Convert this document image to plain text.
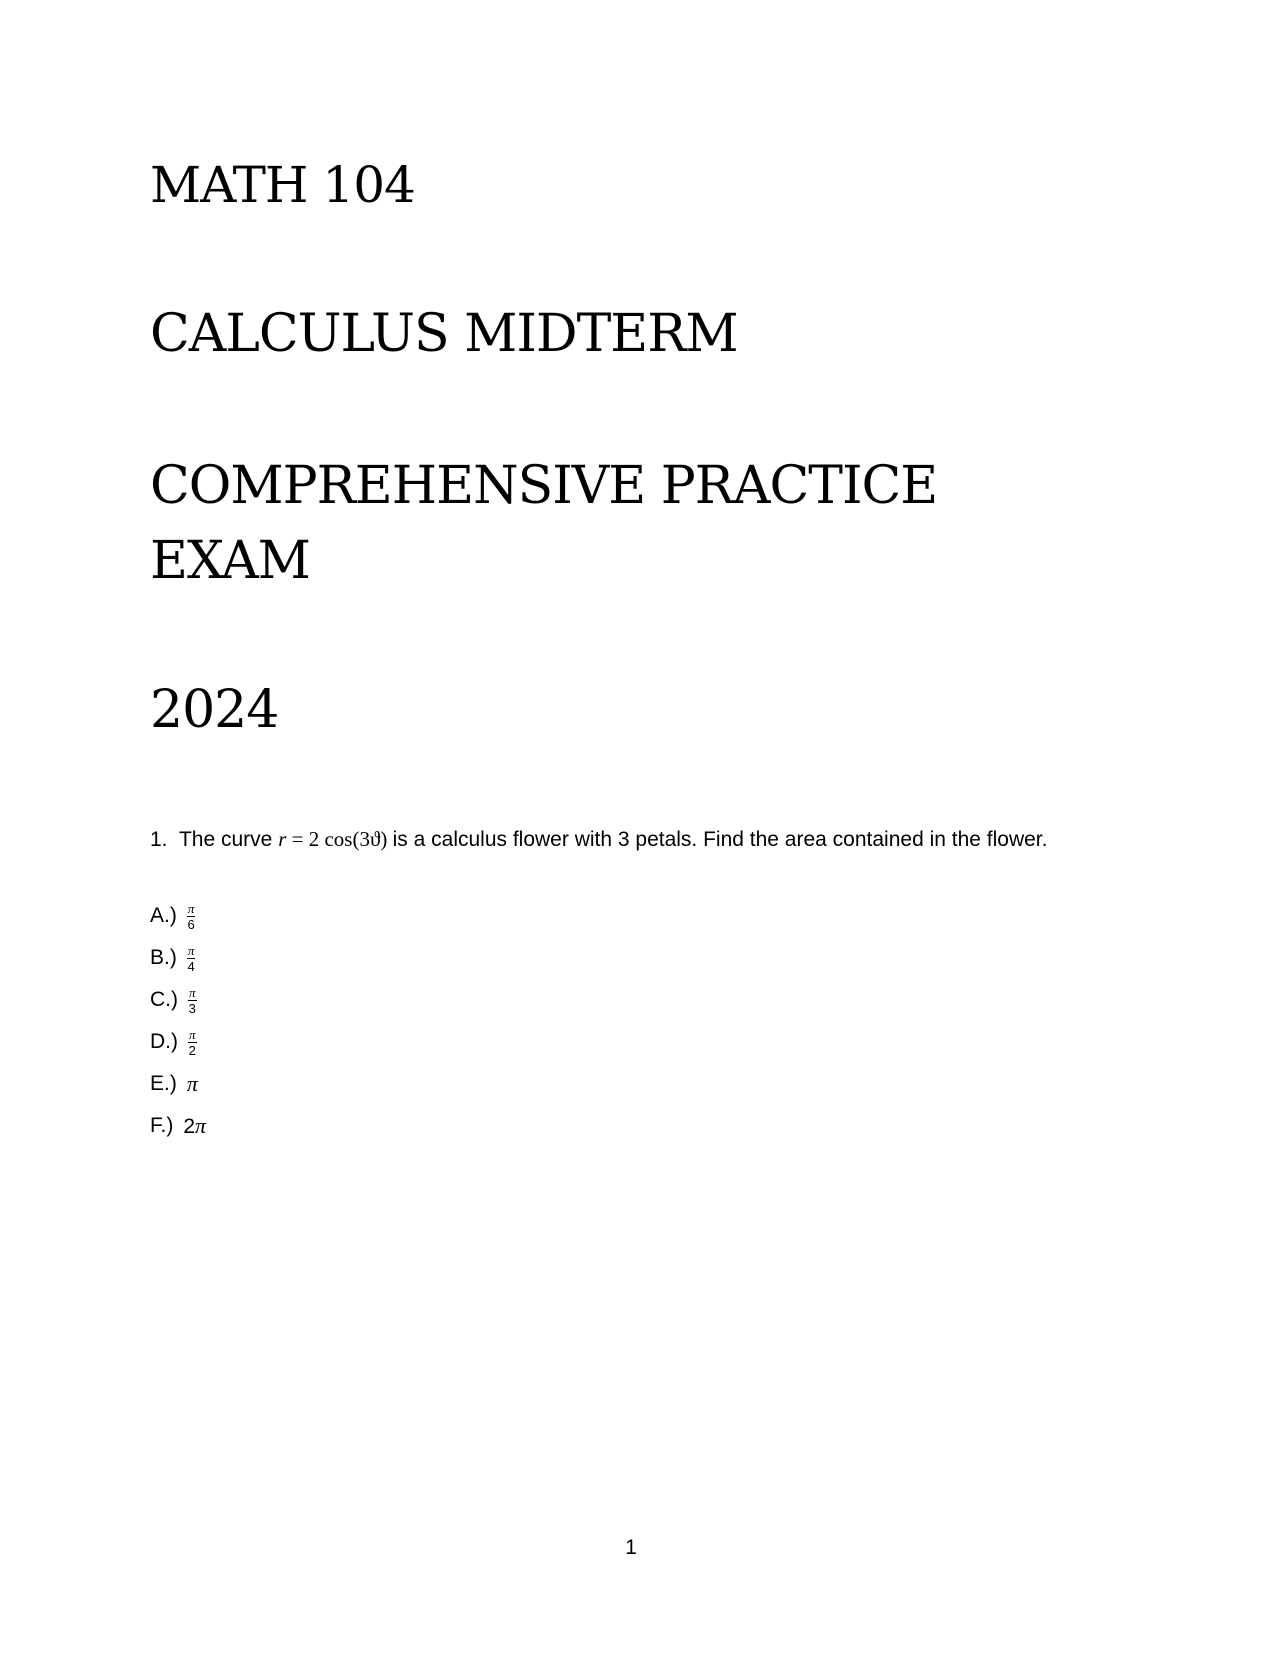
MATH 104
CALCULUS MIDTERM
COMPREHENSIVE PRACTICE
EXAM
2024
1. The curve r = 2 cos(3ϑ) is a calculus flower with 3 petals. Find the area contained in the flower.
$A.) \frac{\pi}{6}$
$B.) \frac{\pi}{4}$
$C.) \frac{\pi}{3}$
$D.) \frac{\pi}{2}$
E.) π
F.) 2π
1
